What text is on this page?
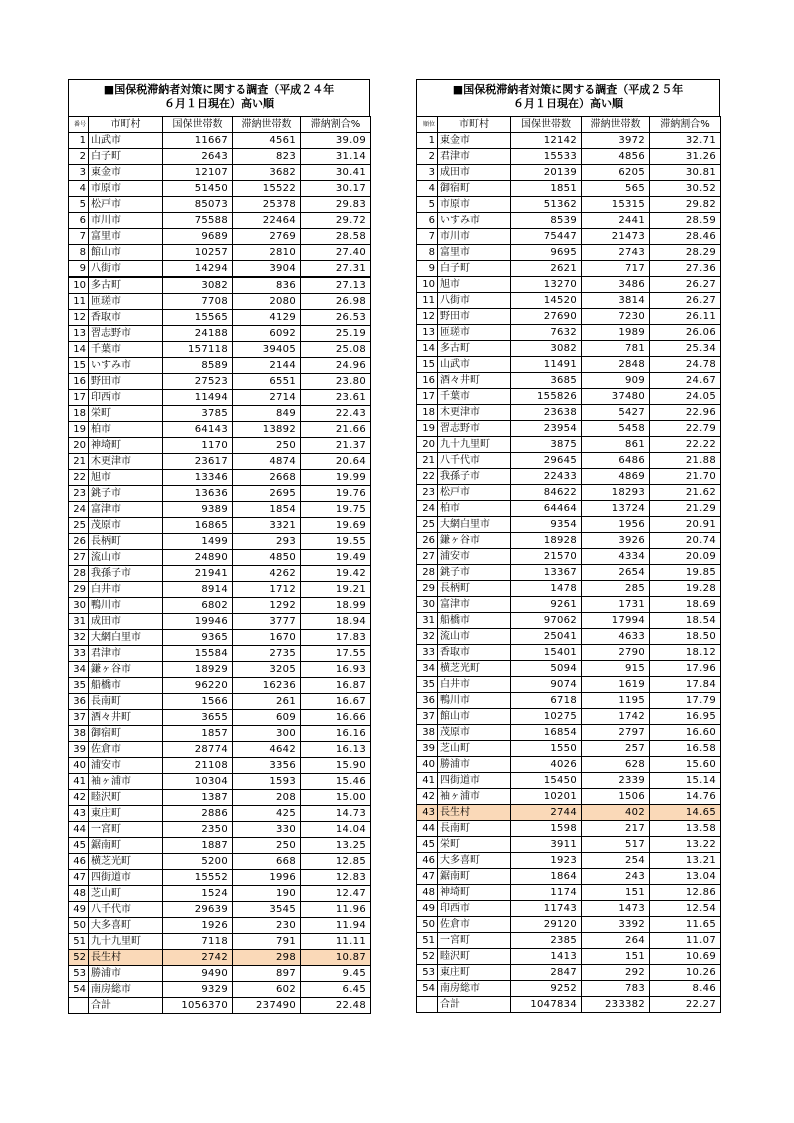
■国保税滞納者対策に関する調査（平成２４年
６月１日現在）高い順
番号	市町村	国保世帯数	滞納世帯数	滞納割合%
1	山武市	11667	4561	39.09
2	白子町	2643	823	31.14
3	東金市	12107	3682	30.41
4	市原市	51450	15522	30.17
5	松戸市	85073	25378	29.83
6	市川市	75588	22464	29.72
7	富里市	9689	2769	28.58
8	館山市	10257	2810	27.40
9	八街市	14294	3904	27.31
10	多古町	3082	836	27.13
11	匝瑳市	7708	2080	26.98
12	香取市	15565	4129	26.53
13	習志野市	24188	6092	25.19
14	千葉市	157118	39405	25.08
15	いすみ市	8589	2144	24.96
16	野田市	27523	6551	23.80
17	印西市	11494	2714	23.61
18	栄町	3785	849	22.43
19	柏市	64143	13892	21.66
20	神埼町	1170	250	21.37
21	木更津市	23617	4874	20.64
22	旭市	13346	2668	19.99
23	銚子市	13636	2695	19.76
24	富津市	9389	1854	19.75
25	茂原市	16865	3321	19.69
26	長柄町	1499	293	19.55
27	流山市	24890	4850	19.49
28	我孫子市	21941	4262	19.42
29	白井市	8914	1712	19.21
30	鴨川市	6802	1292	18.99
31	成田市	19946	3777	18.94
32	大網白里市	9365	1670	17.83
33	君津市	15584	2735	17.55
34	鎌ヶ谷市	18929	3205	16.93
35	船橋市	96220	16236	16.87
36	長南町	1566	261	16.67
37	酒々井町	3655	609	16.66
38	御宿町	1857	300	16.16
39	佐倉市	28774	4642	16.13
40	浦安市	21108	3356	15.90
41	袖ヶ浦市	10304	1593	15.46
42	睦沢町	1387	208	15.00
43	東庄町	2886	425	14.73
44	一宮町	2350	330	14.04
45	鋸南町	1887	250	13.25
46	横芝光町	5200	668	12.85
47	四街道市	15552	1996	12.83
48	芝山町	1524	190	12.47
49	八千代市	29639	3545	11.96
50	大多喜町	1926	230	11.94
51	九十九里町	7118	791	11.11
52	長生村	2742	298	10.87
53	勝浦市	9490	897	9.45
54	南房総市	9329	602	6.45
	合計	1056370	237490	22.48
■国保税滞納者対策に関する調査（平成２５年
６月１日現在）高い順
順位	市町村	国保世帯数	滞納世帯数	滞納割合%
1	東金市	12142	3972	32.71
2	君津市	15533	4856	31.26
3	成田市	20139	6205	30.81
4	御宿町	1851	565	30.52
5	市原市	51362	15315	29.82
6	いすみ市	8539	2441	28.59
7	市川市	75447	21473	28.46
8	富里市	9695	2743	28.29
9	白子町	2621	717	27.36
10	旭市	13270	3486	26.27
11	八街市	14520	3814	26.27
12	野田市	27690	7230	26.11
13	匝瑳市	7632	1989	26.06
14	多古町	3082	781	25.34
15	山武市	11491	2848	24.78
16	酒々井町	3685	909	24.67
17	千葉市	155826	37480	24.05
18	木更津市	23638	5427	22.96
19	習志野市	23954	5458	22.79
20	九十九里町	3875	861	22.22
21	八千代市	29645	6486	21.88
22	我孫子市	22433	4869	21.70
23	松戸市	84622	18293	21.62
24	柏市	64464	13724	21.29
25	大網白里市	9354	1956	20.91
26	鎌ヶ谷市	18928	3926	20.74
27	浦安市	21570	4334	20.09
28	銚子市	13367	2654	19.85
29	長柄町	1478	285	19.28
30	富津市	9261	1731	18.69
31	船橋市	97062	17994	18.54
32	流山市	25041	4633	18.50
33	香取市	15401	2790	18.12
34	横芝光町	5094	915	17.96
35	白井市	9074	1619	17.84
36	鴨川市	6718	1195	17.79
37	館山市	10275	1742	16.95
38	茂原市	16854	2797	16.60
39	芝山町	1550	257	16.58
40	勝浦市	4026	628	15.60
41	四街道市	15450	2339	15.14
42	袖ヶ浦市	10201	1506	14.76
43	長生村	2744	402	14.65
44	長南町	1598	217	13.58
45	栄町	3911	517	13.22
46	大多喜町	1923	254	13.21
47	鋸南町	1864	243	13.04
48	神埼町	1174	151	12.86
49	印西市	11743	1473	12.54
50	佐倉市	29120	3392	11.65
51	一宮町	2385	264	11.07
52	睦沢町	1413	151	10.69
53	東庄町	2847	292	10.26
54	南房総市	9252	783	8.46
	合計	1047834	233382	22.27
